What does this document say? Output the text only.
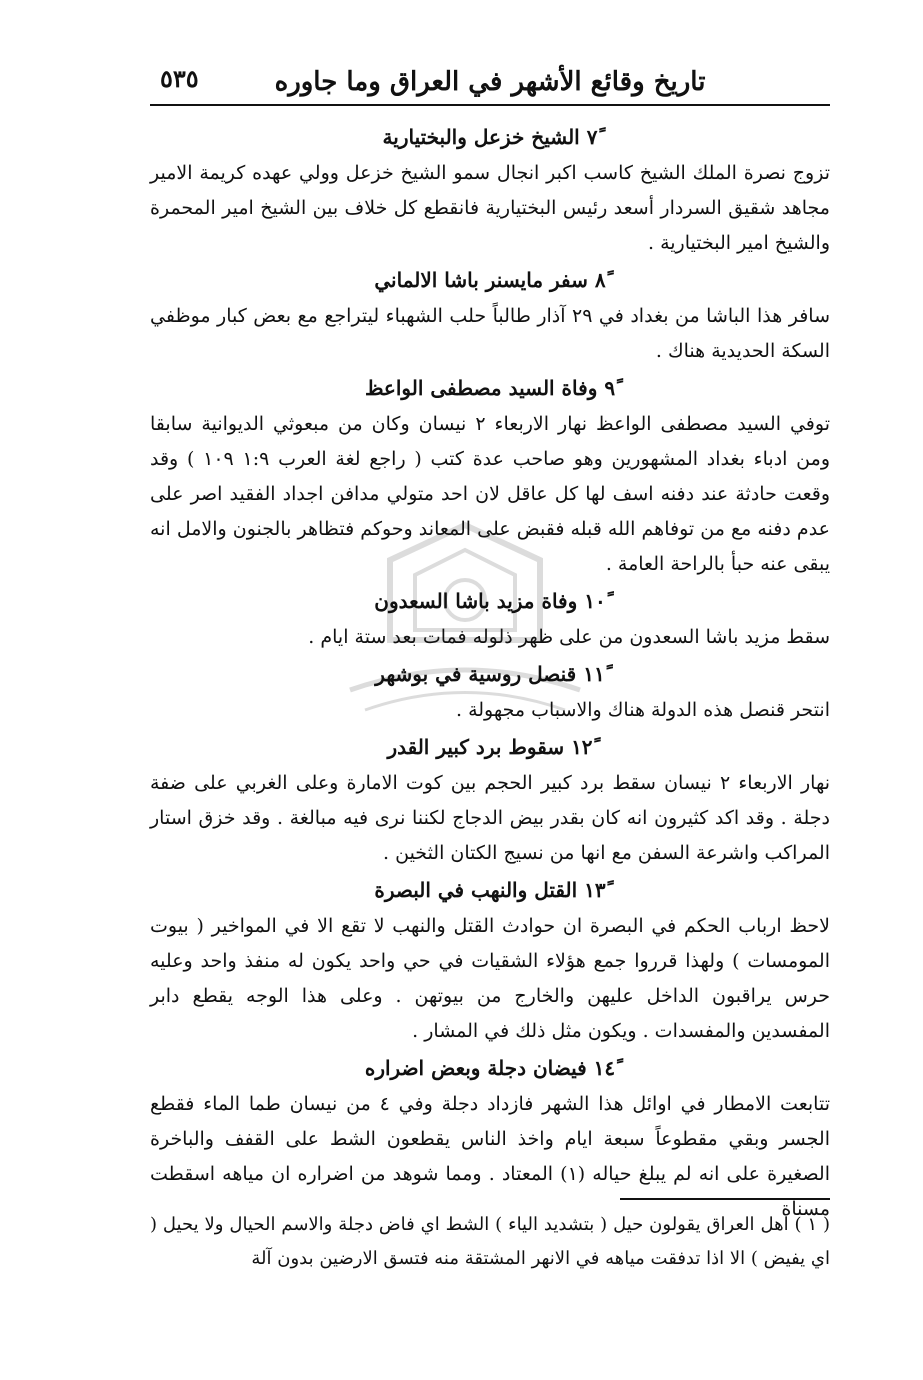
تاريخ وقائع الأشهر في العراق وما جاوره
٥٣٥
٧ً الشيخ خزعل والبختيارية
تزوج نصرة الملك الشيخ كاسب اكبر انجال سمو الشيخ خزعل وولي عهده كريمة الامير مجاهد شقيق السردار أسعد رئيس البختيارية فانقطع كل خلاف بين الشيخ امير المحمرة والشيخ امير البختيارية .
٨ً سفر مايسنر باشا الالماني
سافر هذا الباشا من بغداد في ٢٩ آذار طالباً حلب الشهباء ليتراجع مع بعض كبار موظفي السكة الحديدية هناك .
٩ً وفاة السيد مصطفى الواعظ
توفي السيد مصطفى الواعظ نهار الاربعاء ٢ نيسان وكان من مبعوثي الديوانية سابقا ومن ادباء بغداد المشهورين وهو صاحب عدة كتب ( راجع لغة العرب ١:٩ ١٠٩ ) وقد وقعت حادثة عند دفنه اسف لها كل عاقل لان احد متولي مدافن اجداد الفقيد اصر على عدم دفنه مع من توفاهم الله قبله فقبض على المعاند وحوكم فتظاهر بالجنون والامل انه يبقى عنه حبأ بالراحة العامة .
١٠ً وفاة مزيد باشا السعدون
سقط مزيد باشا السعدون من على ظهر ذلوله فمات بعد ستة ايام .
١١ً قنصل روسية في بوشهر
انتحر قنصل هذه الدولة هناك والاسباب مجهولة .
١٢ً سقوط برد كبير القدر
نهار الاربعاء ٢ نيسان سقط برد كبير الحجم بين كوت الامارة وعلى الغربي على ضفة دجلة . وقد اكد كثيرون انه كان بقدر بيض الدجاج لكننا نرى فيه مبالغة . وقد خزق استار المراكب واشرعة السفن مع انها من نسيج الكتان الثخين .
١٣ً القتل والنهب في البصرة
لاحظ ارباب الحكم في البصرة ان حوادث القتل والنهب لا تقع الا في المواخير ( بيوت المومسات ) ولهذا قرروا جمع هؤلاء الشقيات في حي واحد يكون له منفذ واحد وعليه حرس يراقبون الداخل عليهن والخارج من بيوتهن . وعلى هذا الوجه يقطع دابر المفسدين والمفسدات . ويكون مثل ذلك في المشار .
١٤ً فيضان دجلة وبعض اضراره
تتابعت الامطار في اوائل هذا الشهر فازداد دجلة وفي ٤ من نيسان طما الماء فقطع الجسر وبقي مقطوعاً سبعة ايام واخذ الناس يقطعون الشط على القفف والباخرة الصغيرة على انه لم يبلغ حياله (١) المعتاد . ومما شوهد من اضراره ان مياهه اسقطت مسناة
( ١ ) اهل العراق يقولون حيل ( بتشديد الياء ) الشط اي فاض دجلة والاسم الحيال ولا يحيل ( اي يفيض ) الا اذا تدفقت مياهه في الانهر المشتقة منه فتسق الارضين بدون آلة
